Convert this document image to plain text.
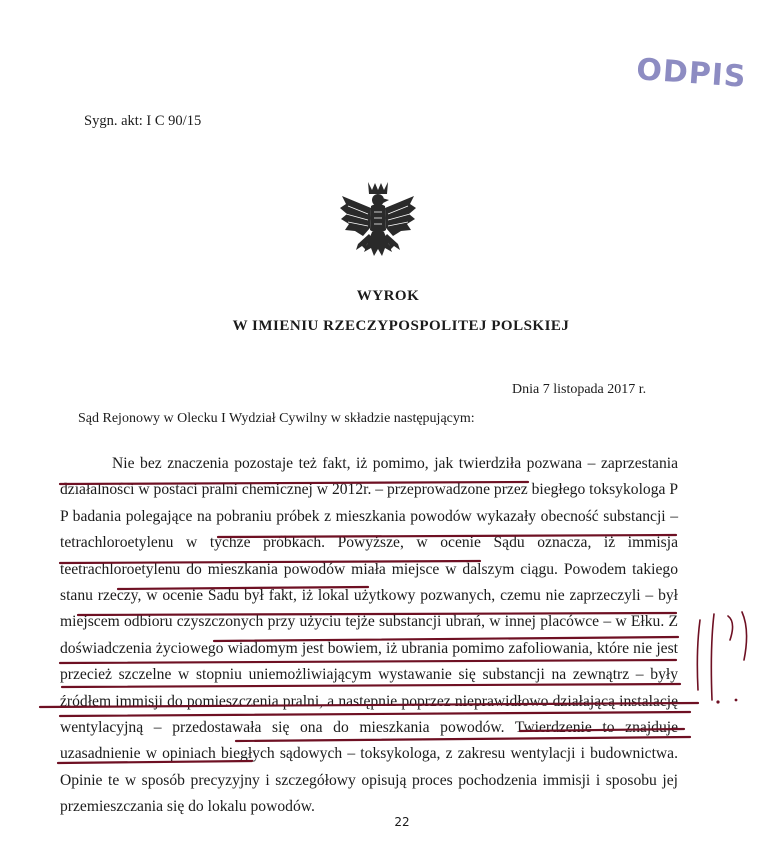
ODPIS
Sygn. akt: I C 90/15
WYROK
W IMIENIU RZECZYPOSPOLITEJ POLSKIEJ
Dnia 7 listopada 2017 r.
Sąd Rejonowy w Olecku I Wydział Cywilny w składzie następującym:

Nie bez znaczenia pozostaje też fakt, iż pomimo, jak twierdziła pozwana – zaprzestania działalności w postaci pralni chemicznej w 2012r. – przeprowadzone przez biegłego toksykologa P P badania polegające na pobraniu próbek z mieszkania powodów wykazały obecność substancji – tetrachloroetylenu w tychże próbkach. Powyższe, w ocenie Sądu oznacza, iż immisja teetrachloroetylenu do mieszkania powodów miała miejsce w dalszym ciągu. Powodem takiego stanu rzeczy, w ocenie Sadu był fakt, iż lokal użytkowy pozwanych, czemu nie zaprzeczyli – był miejscem odbioru czyszczonych przy użyciu tejże substancji ubrań, w innej placówce – w Ełku. Z doświadczenia życiowego wiadomym jest bowiem, iż ubrania pomimo zafoliowania, które nie jest przecież szczelne w stopniu uniemożliwiającym wystawanie się substancji na zewnątrz – były źródłem immisji do pomieszczenia pralni, a następnie poprzez nieprawidłowo działającą instalację wentylacyjną – przedostawała się ona do mieszkania powodów. Twierdzenie to znajduje uzasadnienie w opiniach biegłych sądowych – toksykologa, z zakresu wentylacji i budownictwa. Opinie te w sposób precyzyjny i szczegółowy opisują proces pochodzenia immisji i sposobu jej przemieszczania się do lokalu powodów.

22
